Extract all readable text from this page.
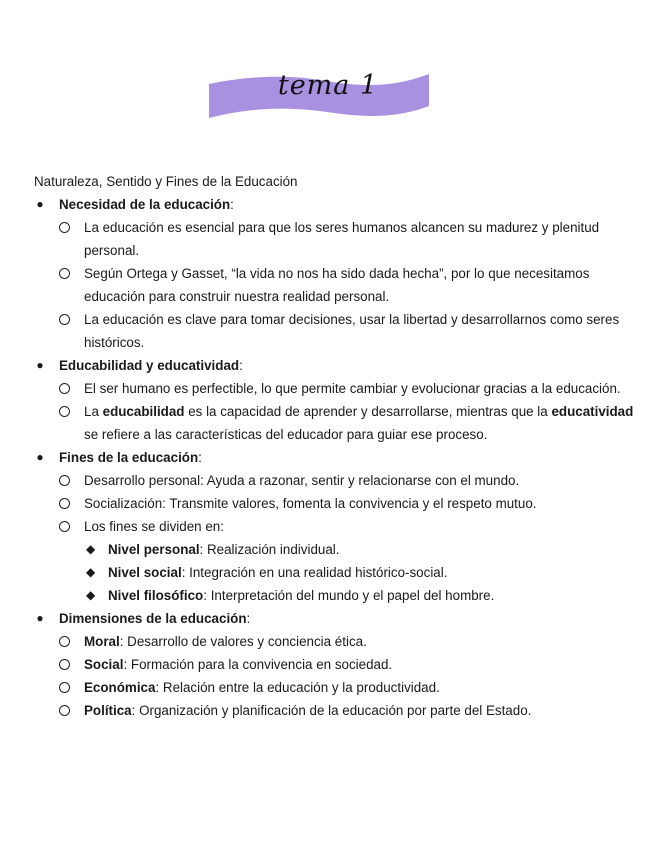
tema 1

Naturaleza, Sentido y Fines de la Educación

● Necesidad de la educación:
La educación es esencial para que los seres humanos alcancen su madurez y plenitud personal.
Según Ortega y Gasset, “la vida no nos ha sido dada hecha”, por lo que necesitamos educación para construir nuestra realidad personal.
La educación es clave para tomar decisiones, usar la libertad y desarrollarnos como seres históricos.
● Educabilidad y educatividad:
El ser humano es perfectible, lo que permite cambiar y evolucionar gracias a la educación.
La educabilidad es la capacidad de aprender y desarrollarse, mientras que la educatividad se refiere a las características del educador para guiar ese proceso.
● Fines de la educación:
Desarrollo personal: Ayuda a razonar, sentir y relacionarse con el mundo.
Socialización: Transmite valores, fomenta la convivencia y el respeto mutuo.
Los fines se dividen en:
◆ Nivel personal: Realización individual.
◆ Nivel social: Integración en una realidad histórico-social.
◆ Nivel filosófico: Interpretación del mundo y el papel del hombre.
● Dimensiones de la educación:
Moral: Desarrollo de valores y conciencia ética.
Social: Formación para la convivencia en sociedad.
Económica: Relación entre la educación y la productividad.
Política: Organización y planificación de la educación por parte del Estado.
